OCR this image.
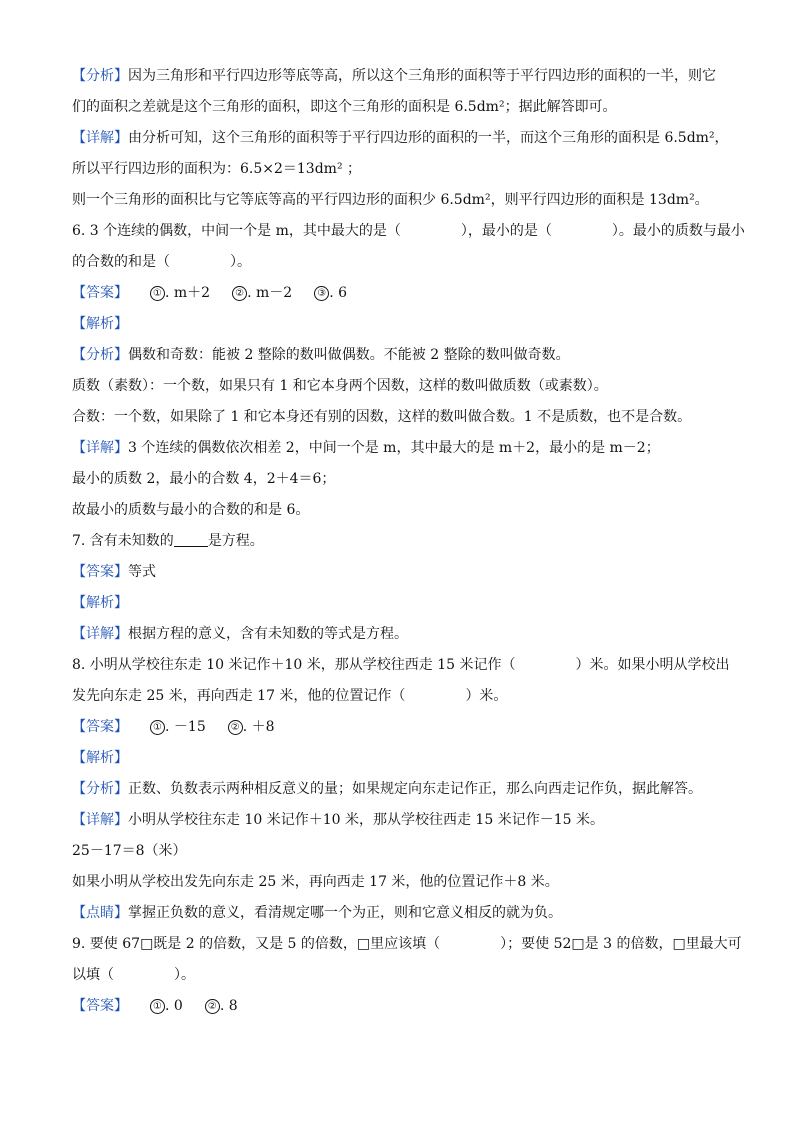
【分析】因为三角形和平行四边形等底等高，所以这个三角形的面积等于平行四边形的面积的一半，则它
们的面积之差就是这个三角形的面积，即这个三角形的面积是 6.5dm²；据此解答即可。
【详解】由分析可知，这个三角形的面积等于平行四边形的面积的一半，而这个三角形的面积是 6.5dm²，
所以平行四边形的面积为：6.5×2＝13dm² ；
则一个三角形的面积比与它等底等高的平行四边形的面积少 6.5dm²，则平行四边形的面积是 13dm²。
6. 3 个连续的偶数，中间一个是 m，其中最大的是（	），最小的是（	）。最小的质数与最小
的合数的和是（	）。
【答案】	① . m＋2	② . m－2	③ . 6
【解析】
【分析】偶数和奇数：能被 2 整除的数叫做偶数。不能被 2 整除的数叫做奇数。
质数（素数）：一个数，如果只有 1 和它本身两个因数，这样的数叫做质数（或素数）。
合数：一个数，如果除了 1 和它本身还有别的因数，这样的数叫做合数。1 不是质数，也不是合数。
【详解】3 个连续的偶数依次相差 2，中间一个是 m，其中最大的是 m＋2，最小的是 m－2；
最小的质数 2，最小的合数 4，2＋4＝6；
故最小的质数与最小的合数的和是 6。
7. 含有未知数的 是方程。
【答案】等式
【解析】
【详解】根据方程的意义，含有未知数的等式是方程。
8. 小明从学校往东走 10 米记作＋10 米，那从学校往西走 15 米记作（	）米。如果小明从学校出
发先向东走 25 米，再向西走 17 米，他的位置记作（	）米。
【答案】	① . －15	② . ＋8
【解析】
【分析】正数、负数表示两种相反意义的量；如果规定向东走记作正，那么向西走记作负，据此解答。
【详解】小明从学校往东走 10 米记作＋10 米，那从学校往西走 15 米记作－15 米。
25－17＝8（米）
如果小明从学校出发先向东走 25 米，再向西走 17 米，他的位置记作＋8 米。
【点睛】掌握正负数的意义，看清规定哪一个为正，则和它意义相反的就为负。
9. 要使 67□既是 2 的倍数，又是 5 的倍数，□里应该填（	）；要使 52□是 3 的倍数，□里最大可
以填（	）。
【答案】	① . 0	② . 8
